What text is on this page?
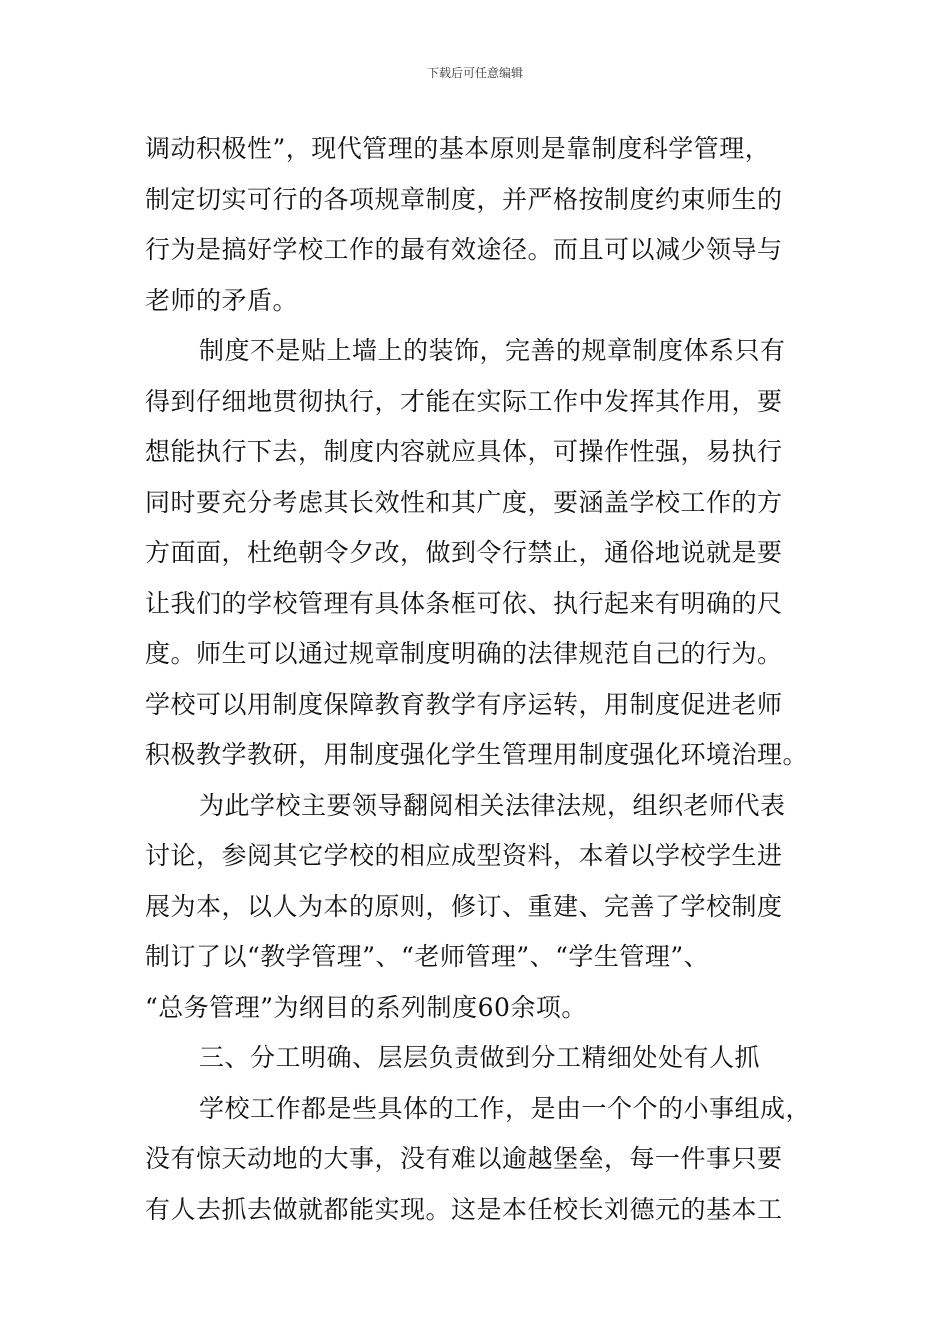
下载后可任意编辑
调动积极性”，现代管理的基本原则是靠制度科学管理，
制定切实可行的各项规章制度，并严格按制度约束师生的
行为是搞好学校工作的最有效途径。而且可以减少领导与
老师的矛盾。
制度不是贴上墙上的装饰，完善的规章制度体系只有
得到仔细地贯彻执行，才能在实际工作中发挥其作用，要
想能执行下去，制度内容就应具体，可操作性强，易执行
同时要充分考虑其长效性和其广度，要涵盖学校工作的方
方面面，杜绝朝令夕改，做到令行禁止，通俗地说就是要
让我们的学校管理有具体条框可依、执行起来有明确的尺
度。师生可以通过规章制度明确的法律规范自己的行为。
学校可以用制度保障教育教学有序运转，用制度促进老师
积极教学教研，用制度强化学生管理用制度强化环境治理。
为此学校主要领导翻阅相关法律法规，组织老师代表
讨论，参阅其它学校的相应成型资料，本着以学校学生进
展为本，以人为本的原则，修订、重建、完善了学校制度
制订了以“教学管理”、“老师管理”、“学生管理”、
“总务管理”为纲目的系列制度60余项。
三、分工明确、层层负责做到分工精细处处有人抓
学校工作都是些具体的工作，是由一个个的小事组成，
没有惊天动地的大事，没有难以逾越堡垒，每一件事只要
有人去抓去做就都能实现。这是本任校长刘德元的基本工
